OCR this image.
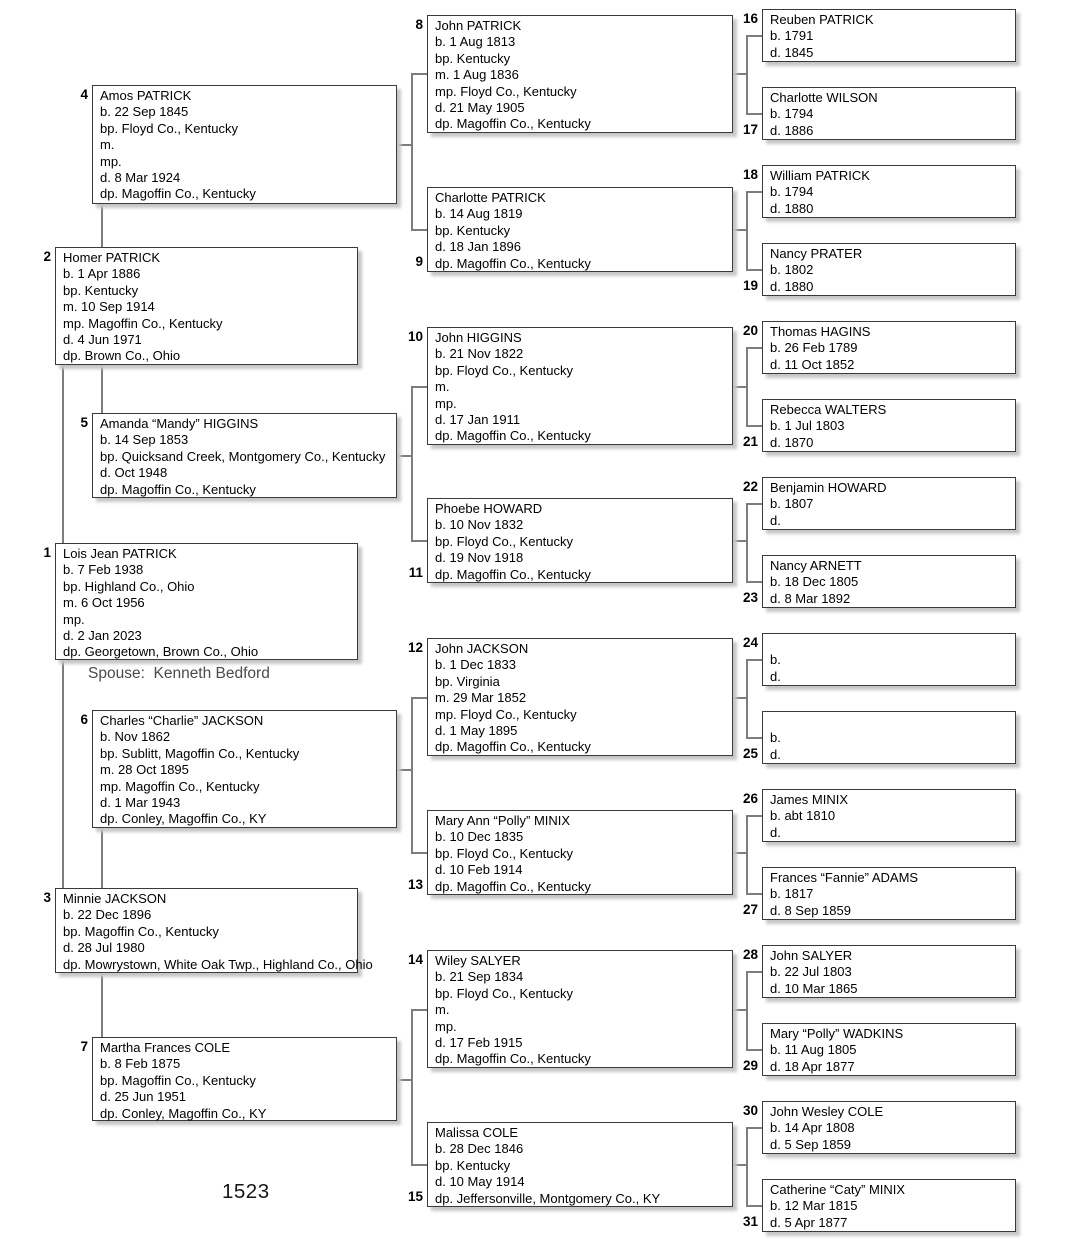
1 Lois Jean PATRICK
b. 7 Feb 1938
bp. Highland Co., Ohio
m. 6 Oct 1956
mp.
d. 2 Jan 2023
dp. Georgetown, Brown Co., Ohio
2 Homer PATRICK
b. 1 Apr 1886
bp. Kentucky
m. 10 Sep 1914
mp. Magoffin Co., Kentucky
d. 4 Jun 1971
dp. Brown Co., Ohio
3 Minnie JACKSON
b. 22 Dec 1896
bp. Magoffin Co., Kentucky
d. 28 Jul 1980
dp. Mowrystown, White Oak Twp., Highland Co., Ohio
4 Amos PATRICK
b. 22 Sep 1845
bp. Floyd Co., Kentucky
m.
mp.
d. 8 Mar 1924
dp. Magoffin Co., Kentucky
5 Amanda “Mandy” HIGGINS
b. 14 Sep 1853
bp. Quicksand Creek, Montgomery Co., Kentucky
d. Oct 1948
dp. Magoffin Co., Kentucky
6 Charles “Charlie” JACKSON
b. Nov 1862
bp. Sublitt, Magoffin Co., Kentucky
m. 28 Oct 1895
mp. Magoffin Co., Kentucky
d. 1 Mar 1943
dp. Conley, Magoffin Co., KY
7 Martha Frances COLE
b. 8 Feb 1875
bp. Magoffin Co., Kentucky
d. 25 Jun 1951
dp. Conley, Magoffin Co., KY
8 John PATRICK
b. 1 Aug 1813
bp. Kentucky
m. 1 Aug 1836
mp. Floyd Co., Kentucky
d. 21 May 1905
dp. Magoffin Co., Kentucky
9
Charlotte PATRICK
b. 14 Aug 1819
bp. Kentucky
d. 18 Jan 1896
dp. Magoffin Co., Kentucky
10 John HIGGINS
b. 21 Nov 1822
bp. Floyd Co., Kentucky
m.
mp.
d. 17 Jan 1911
dp. Magoffin Co., Kentucky
11
Phoebe HOWARD
b. 10 Nov 1832
bp. Floyd Co., Kentucky
d. 19 Nov 1918
dp. Magoffin Co., Kentucky
12 John JACKSON
b. 1 Dec 1833
bp. Virginia
m. 29 Mar 1852
mp. Floyd Co., Kentucky
d. 1 May 1895
dp. Magoffin Co., Kentucky
13
Mary Ann “Polly” MINIX
b. 10 Dec 1835
bp. Floyd Co., Kentucky
d. 10 Feb 1914
dp. Magoffin Co., Kentucky
14 Wiley SALYER
b. 21 Sep 1834
bp. Floyd Co., Kentucky
m.
mp.
d. 17 Feb 1915
dp. Magoffin Co., Kentucky
15
Malissa COLE
b. 28 Dec 1846
bp. Kentucky
d. 10 May 1914
dp. Jeffersonville, Montgomery Co., KY
16 Reuben PATRICK
b. 1791
d. 1845
17
Charlotte WILSON
b. 1794
d. 1886
18 William PATRICK
b. 1794
d. 1880
19
Nancy PRATER
b. 1802
d. 1880
20 Thomas HAGINS
b. 26 Feb 1789
d. 11 Oct 1852
21
Rebecca WALTERS
b. 1 Jul 1803
d. 1870
22 Benjamin HOWARD
b. 1807
d.
23
Nancy ARNETT
b. 18 Dec 1805
d. 8 Mar 1892
24
b.
d.
25
b.
d.
26 James MINIX
b. abt 1810
d.
27
Frances “Fannie” ADAMS
b. 1817
d. 8 Sep 1859
28 John SALYER
b. 22 Jul 1803
d. 10 Mar 1865
29
Mary “Polly” WADKINS
b. 11 Aug 1805
d. 18 Apr 1877
30 John Wesley COLE
b. 14 Apr 1808
d. 5 Sep 1859
31
Catherine “Caty” MINIX
b. 12 Mar 1815
d. 5 Apr 1877
Spouse:  Kenneth Bedford
1523
